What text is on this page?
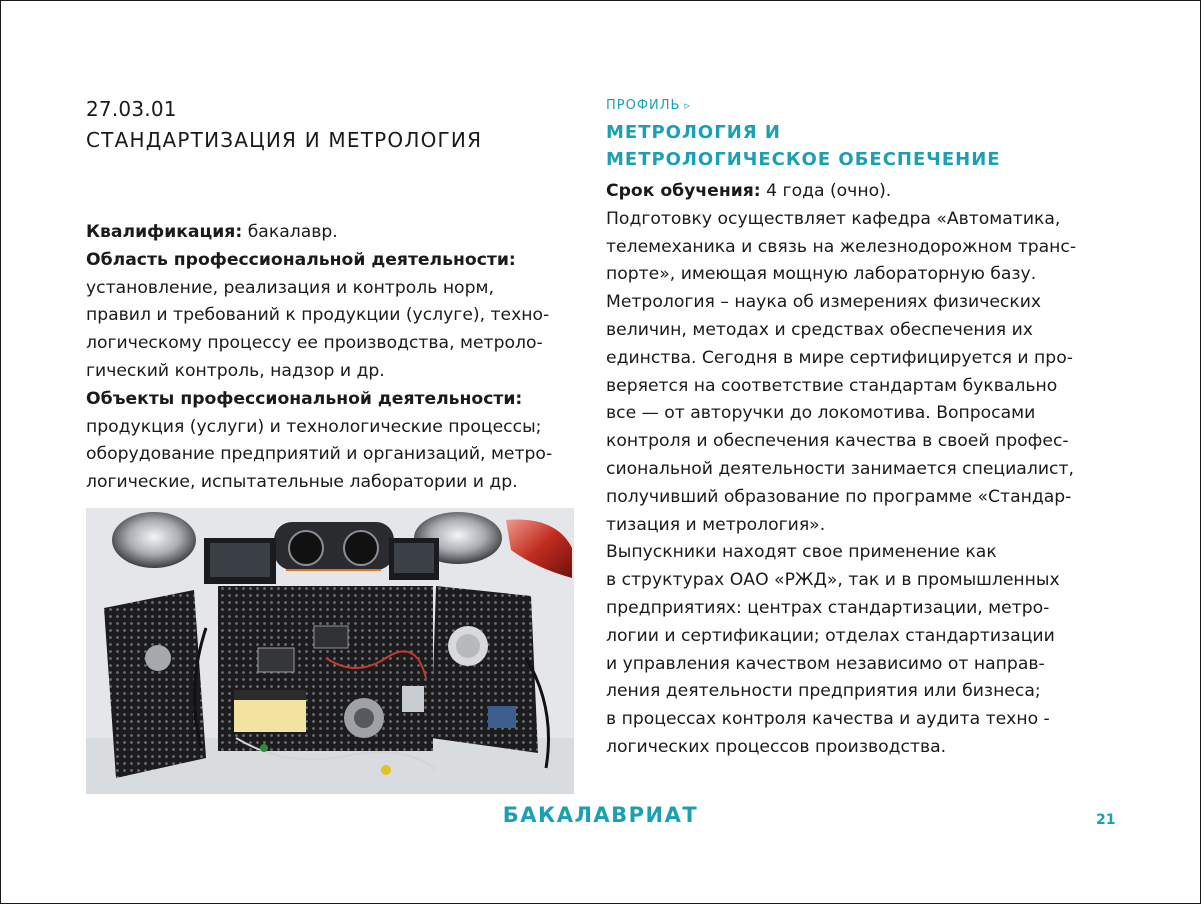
27.03.01
СТАНДАРТИЗАЦИЯ И МЕТРОЛОГИЯ

Квалификация: бакалавр.

Область профессиональной деятельности:

установление, реализация и контроль норм,
правил и требований к продукции (услуге), техно-
логическому процессу ее производства, метроло-
гический контроль, надзор и др.

Объекты профессиональной деятельности:

продукция (услуги) и технологические процессы;
оборудование предприятий и организаций, метро-
логические, испытательные лаборатории и др.

ПРОФИЛЬ ▹
МЕТРОЛОГИЯ И
МЕТРОЛОГИЧЕСКОЕ ОБЕСПЕЧЕНИЕ

Срок обучения: 4 года (очно).

Подготовку осуществляет кафедра «Автоматика,
телемеханика и связь на железнодорожном транс-
порте», имеющая мощную лабораторную базу.
Метрология – наука об измерениях физических
величин, методах и средствах обеспечения их
единства. Сегодня в мире сертифицируется и про-
веряется на соответствие стандартам буквально
все — от авторучки до локомотива. Вопросами
контроля и обеспечения качества в своей профес-
сиональной деятельности занимается специалист,
получивший образование по программе «Стандар-
тизация и метрология».
Выпускники находят свое применение как
в структурах ОАО «РЖД», так и в промышленных
предприятиях: центрах стандартизации, метро-
логии и сертификации; отделах стандартизации
и управления качеством независимо от направ-
ления деятельности предприятия или бизнеса;
в процессах контроля качества и аудита техно -
логических процессов производства.

БАКАЛАВРИАТ	21
